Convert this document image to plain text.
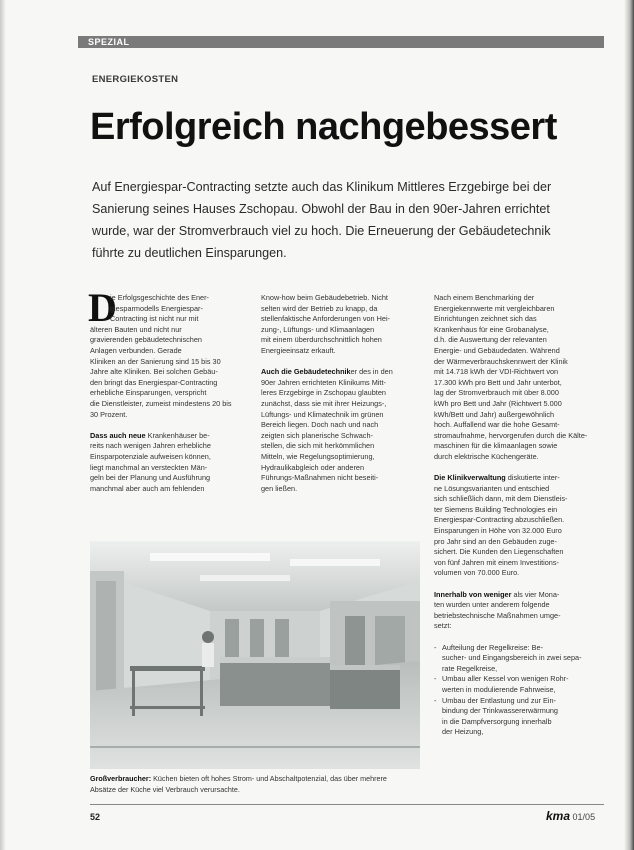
SPEZIAL
ENERGIEKOSTEN
Erfolgreich nachgebessert
Auf Energiespar-Contracting setzte auch das Klinikum Mittleres Erzgebirge bei der
Sanierung seines Hauses Zschopau. Obwohl der Bau in den 90er-Jahren errichtet
wurde, war der Stromverbrauch viel zu hoch. Die Erneuerung der Gebäudetechnik
führte zu deutlichen Einsparungen.
D
ie Erfolgsgeschichte des Ener-
giesparmodells Energiespar-
Contracting ist nicht nur mit
älteren Bauten und nicht nur
gravierenden gebäudetechnischen
Anlagen verbunden. Gerade
Kliniken an der Sanierung sind 15 bis 30
Jahre alte Kliniken. Bei solchen Gebäu-
den bringt das Energiespar-Contracting
erhebliche Einsparungen, verspricht
die Dienstleister, zumeist mindestens 20 bis
30 Prozent.
Dass auch neue Krankenhäuser be-
reits nach wenigen Jahren erhebliche
Einsparpotenziale aufweisen können,
liegt manchmal an versteckten Män-
geln bei der Planung und Ausführung
manchmal aber auch am fehlenden
Know-how beim Gebäudebetrieb. Nicht
selten wird der Betrieb zu knapp, da
stellenfaktische Anforderungen von Hei-
zung-, Lüftungs- und Klimaanlagen
mit einem überdurchschnittlich hohen
Energieeinsatz erkauft.
Auch die Gebäudetechniker des in den
90er Jahren errichteten Klinikums Mitt-
leres Erzgebirge in Zschopau glaubten
zunächst, dass sie mit ihrer Heizungs-,
Lüftungs- und Klimatechnik im grünen
Bereich liegen. Doch nach und nach
zeigten sich planerische Schwach-
stellen, die sich mit herkömmlichen
Mitteln, wie Regelungsoptimierung,
Hydraulikabgleich oder anderen
Führungs-Maßnahmen nicht beseiti-
gen ließen.
Nach einem Benchmarking der
Energiekennwerte mit vergleichbaren
Einrichtungen zeichnet sich das
Krankenhaus für eine Grobanalyse,
d.h. die Auswertung der relevanten
Energie- und Gebäudedaten. Während
der Wärmeverbrauchskennwert der Klinik
mit 14.718 kWh der VDI-Richtwert von
17.300 kWh pro Bett und Jahr unterbot,
lag der Stromverbrauch mit über 8.000
kWh pro Bett und Jahr (Richtwert 5.000
kWh/Bett und Jahr) außergewöhnlich
hoch. Auffallend war die hohe Gesamt-
stromaufnahme, hervorgerufen durch die Kälte-
maschinen für die klimaanlagen sowie
durch elektrische Küchengeräte.
Die Klinikverwaltung diskutierte inter-
ne Lösungsvarianten und entschied
sich schließlich dann, mit dem Dienstleis-
ter Siemens Building Technologies ein
Energiespar-Contracting abzuschließen.
Einsparungen in Höhe von 32.000 Euro
pro Jahr sind an den Gebäuden zuge-
sichert. Die Kunden den Liegenschaften
von fünf Jahren mit einem Investitions-
volumen von 70.000 Euro.
Innerhalb von weniger als vier Mona-
ten wurden unter anderem folgende
betriebstechnische Maßnahmen umge-
setzt:
- Aufteilung der Regelkreise: Be-
sucher- und Eingangsbereich in zwei sepa-
rate Regelkreise,
- Umbau aller Kessel von wenigen Rohr-
werten in modulierende Fahrweise,
- Umbau der Entlastung und zur Ein-
bindung der Trinkwassererwärmung
in die Dampfversorgung innerhalb
der Heizung,
Großverbraucher: Küchen bieten oft hohes Strom- und Abschaltpotenzial, das über mehrere
Absätze der Küche viel Verbrauch verursachte.
52	kma 01/05
